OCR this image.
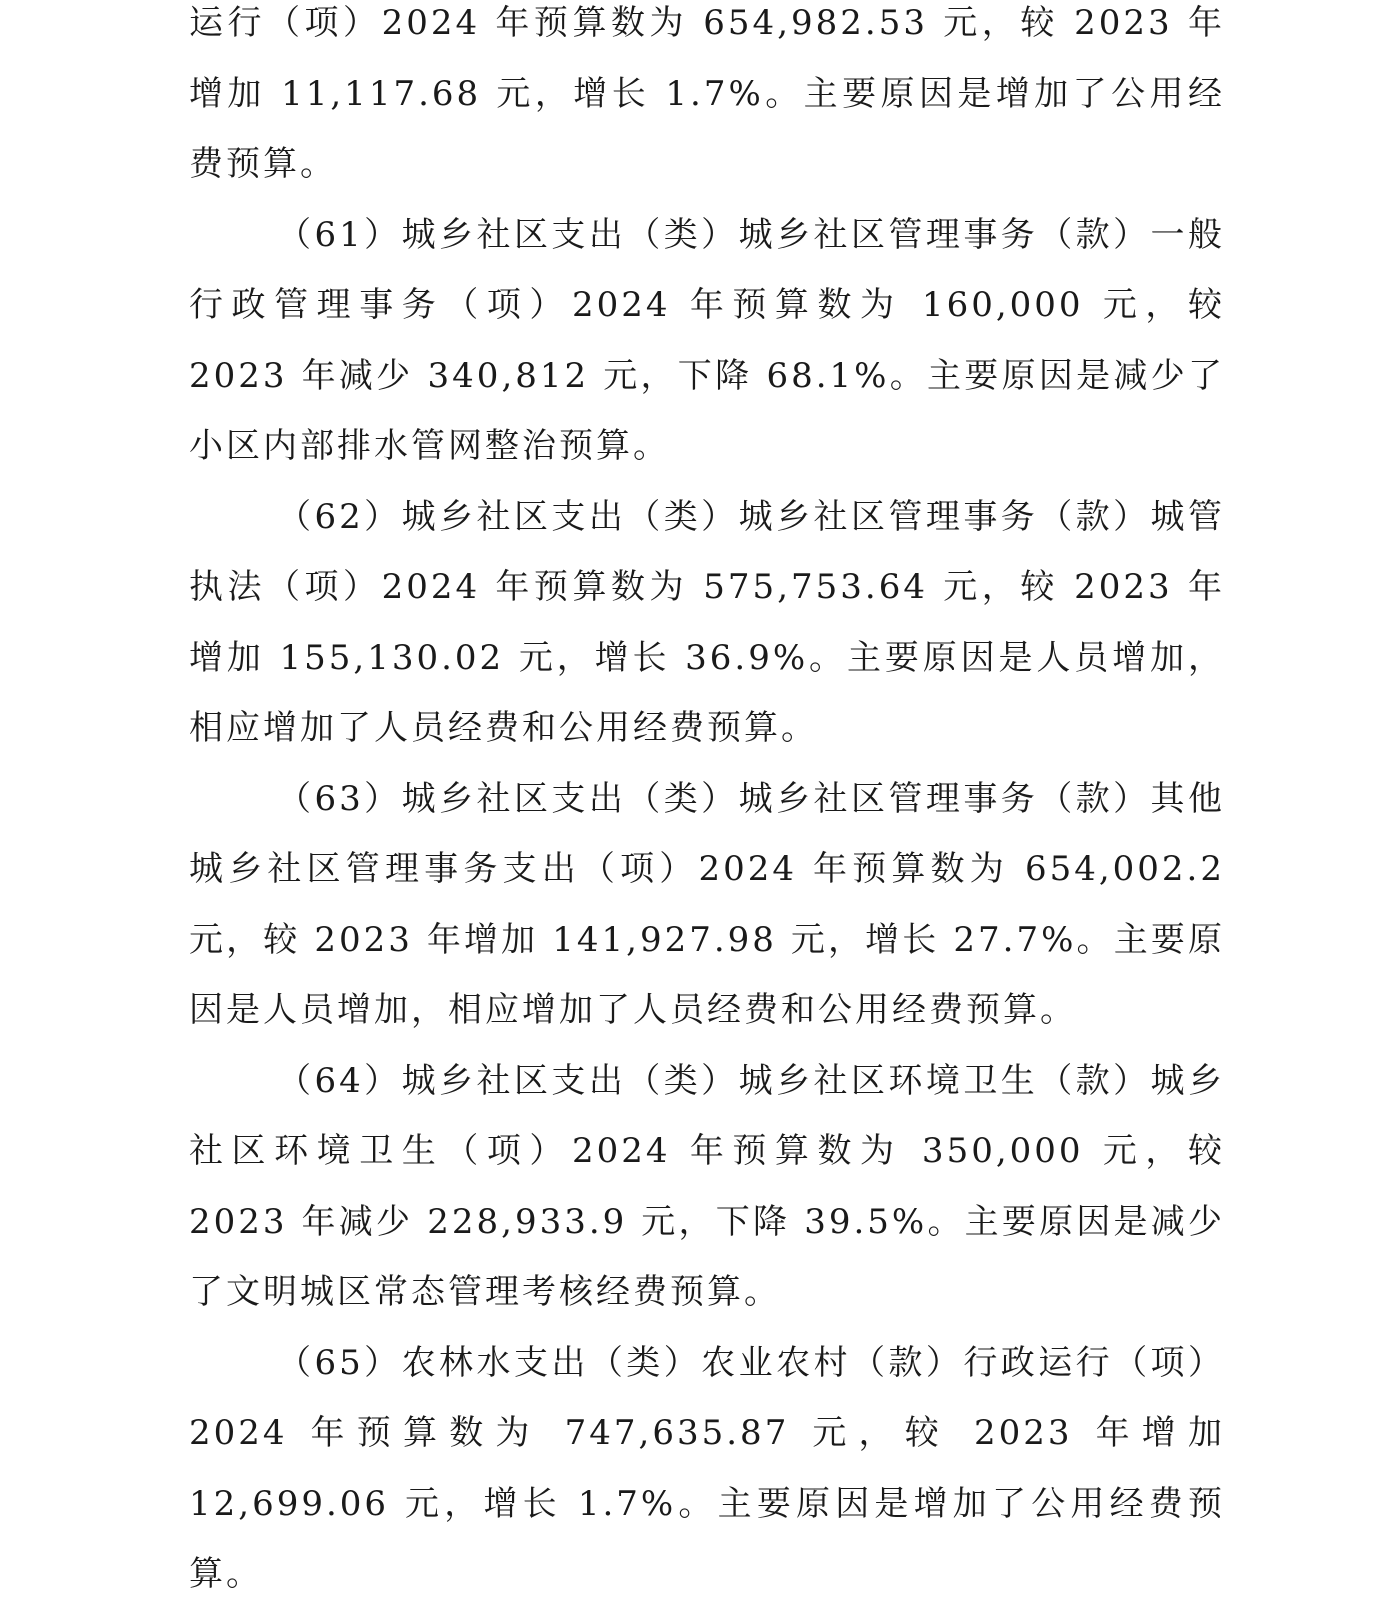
运行（项）2024 年预算数为 654,982.53 元，较 2023 年增加 11,117.68 元，增长 1.7%。主要原因是增加了公用经费预算。

（61）城乡社区支出（类）城乡社区管理事务（款）一般行政管理事务（项）2024 年预算数为 160,000 元，较 2023 年减少 340,812 元，下降 68.1%。主要原因是减少了小区内部排水管网整治预算。

（62）城乡社区支出（类）城乡社区管理事务（款）城管执法（项）2024 年预算数为 575,753.64 元，较 2023 年增加 155,130.02 元，增长 36.9%。主要原因是人员增加，相应增加了人员经费和公用经费预算。

（63）城乡社区支出（类）城乡社区管理事务（款）其他城乡社区管理事务支出（项）2024 年预算数为 654,002.2 元，较 2023 年增加 141,927.98 元，增长 27.7%。主要原因是人员增加，相应增加了人员经费和公用经费预算。

（64）城乡社区支出（类）城乡社区环境卫生（款）城乡社区环境卫生（项）2024 年预算数为 350,000 元，较 2023 年减少 228,933.9 元，下降 39.5%。主要原因是减少了文明城区常态管理考核经费预算。

（65）农林水支出（类）农业农村（款）行政运行（项）2024 年预算数为 747,635.87 元，较 2023 年增加 12,699.06 元，增长 1.7%。主要原因是增加了公用经费预算。
